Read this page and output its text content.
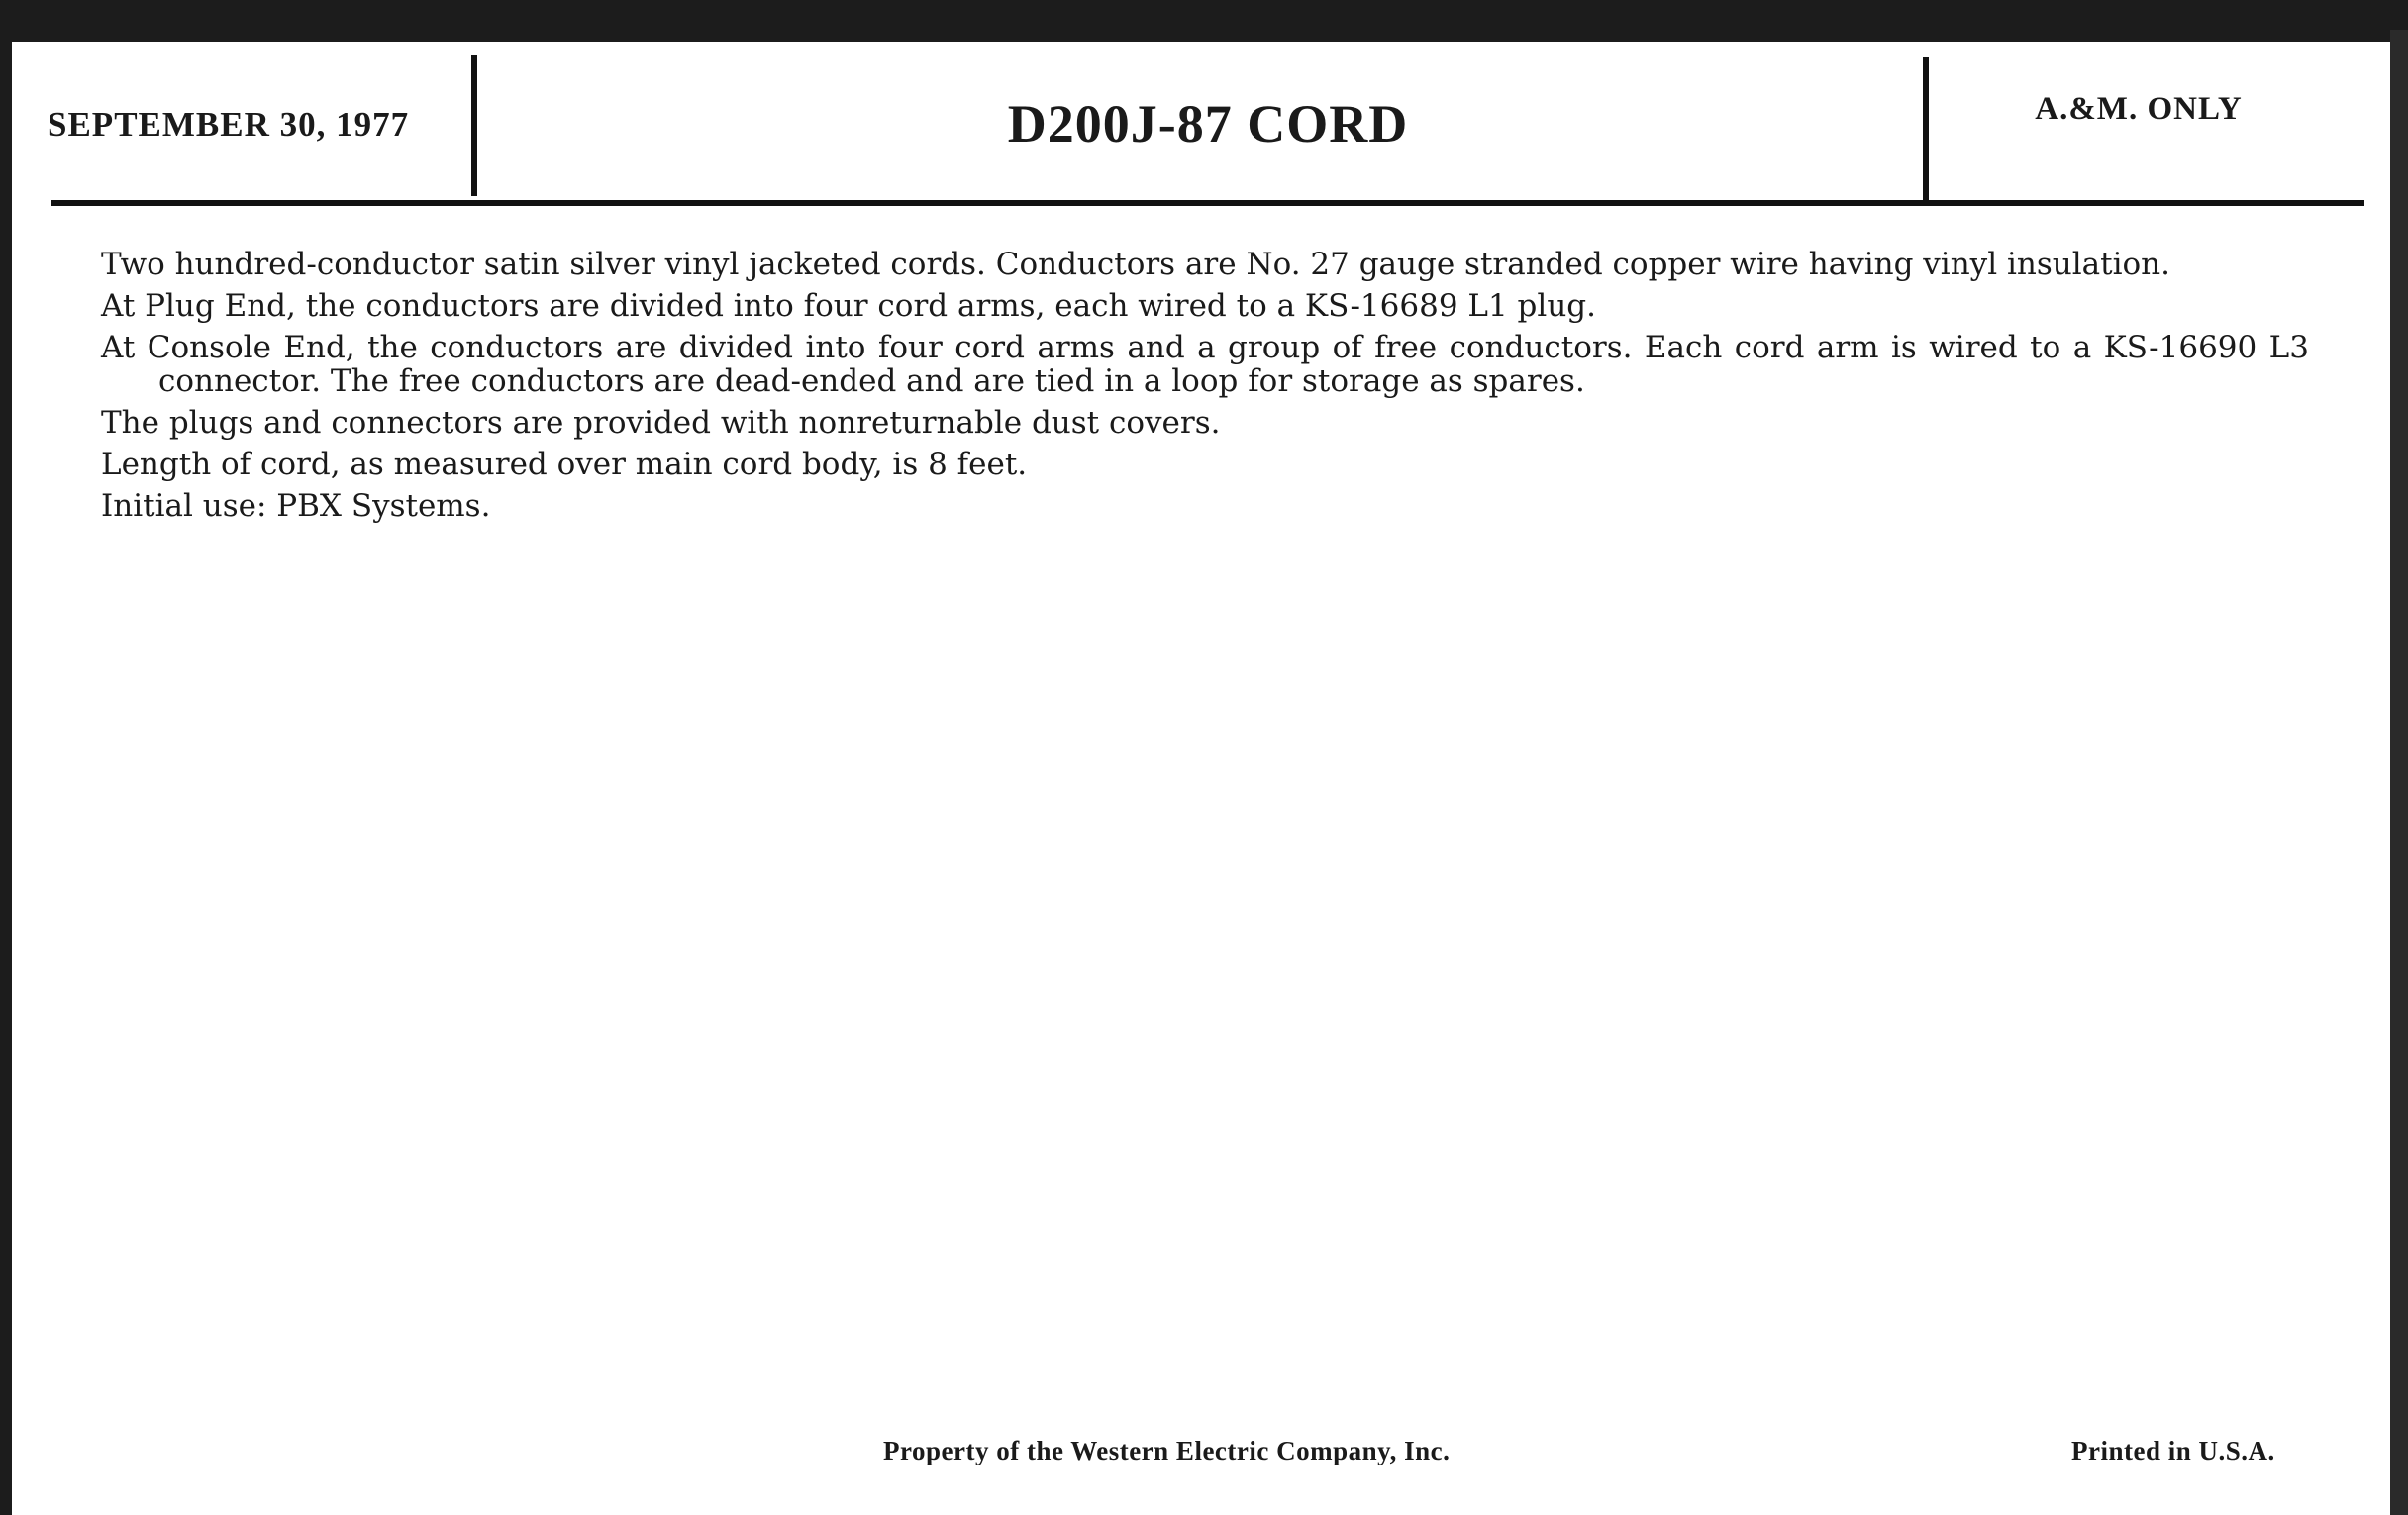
SEPTEMBER 30, 1977	D200J-87 CORD	A.&M. ONLY

Two hundred-conductor satin silver vinyl jacketed cords. Conductors are No. 27 gauge stranded copper wire having vinyl insulation.

At Plug End, the conductors are divided into four cord arms, each wired to a KS-16689 L1 plug.

At Console End, the conductors are divided into four cord arms and a group of free conductors. Each cord arm is wired to a KS-16690 L3 connector. The free conductors are dead-ended and are tied in a loop for storage as spares.

The plugs and connectors are provided with nonreturnable dust covers.

Length of cord, as measured over main cord body, is 8 feet.

Initial use: PBX Systems.

Property of the Western Electric Company, Inc.	Printed in U.S.A.
